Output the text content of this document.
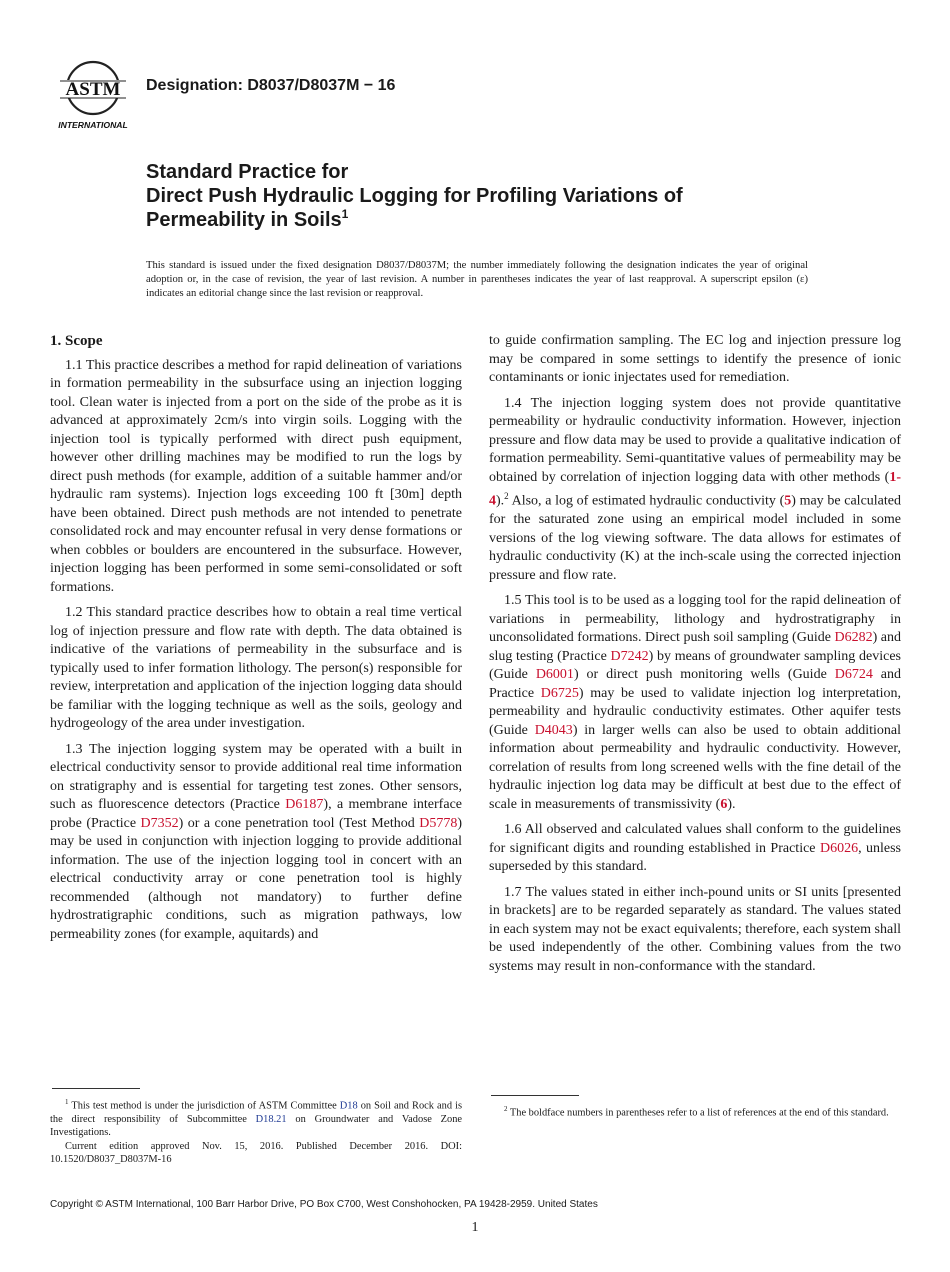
ASTM
INTERNATIONAL
Designation: D8037/D8037M − 16
Standard Practice for
Direct Push Hydraulic Logging for Profiling Variations of
Permeability in Soils$^1$

This standard is issued under the fixed designation D8037/D8037M; the number immediately following the designation indicates the year of original adoption or, in the case of revision, the year of last revision. A number in parentheses indicates the year of last reapproval. A superscript epsilon (ε) indicates an editorial change since the last revision or reapproval.

1. Scope

1.1 This practice describes a method for rapid delineation of variations in formation permeability in the subsurface using an injection logging tool. Clean water is injected from a port on the side of the probe as it is advanced at approximately 2cm/s into virgin soils. Logging with the injection tool is typically performed with direct push equipment, however other drilling machines may be modified to run the logs by direct push methods (for example, addition of a suitable hammer and/or hydraulic ram systems). Injection logs exceeding 100 ft [30m] depth have been obtained. Direct push methods are not intended to penetrate consolidated rock and may encounter refusal in very dense formations or when cobbles or boulders are encountered in the subsurface. However, injection logging has been performed in some semi-consolidated or soft formations.

1.2 This standard practice describes how to obtain a real time vertical log of injection pressure and flow rate with depth. The data obtained is indicative of the variations of permeability in the subsurface and is typically used to infer formation lithology. The person(s) responsible for review, interpretation and application of the injection logging data should be familiar with the logging technique as well as the soils, geology and hydrogeology of the area under investigation.

1.3 The injection logging system may be operated with a built in electrical conductivity sensor to provide additional real time information on stratigraphy and is essential for targeting test zones. Other sensors, such as fluorescence detectors (Practice D6187), a membrane interface probe (Practice D7352) or a cone penetration tool (Test Method D5778) may be used in conjunction with injection logging to provide additional information. The use of the injection logging tool in concert with an electrical conductivity array or cone penetration tool is highly recommended (although not mandatory) to further define hydrostratigraphic conditions, such as migration pathways, low permeability zones (for example, aquitards) and

to guide confirmation sampling. The EC log and injection pressure log may be compared in some settings to identify the presence of ionic contaminants or ionic injectates used for remediation.

1.4 The injection logging system does not provide quantitative permeability or hydraulic conductivity information. However, injection pressure and flow data may be used to provide a qualitative indication of formation permeability. Semi-quantitative values of permeability may be obtained by correlation of injection logging data with other methods (1-4).$^2$ Also, a log of estimated hydraulic conductivity (5) may be calculated for the saturated zone using an empirical model included in some versions of the log viewing software. The data allows for estimates of hydraulic conductivity (K) at the inch-scale using the corrected injection pressure and flow rate.

1.5 This tool is to be used as a logging tool for the rapid delineation of variations in permeability, lithology and hydrostratigraphy in unconsolidated formations. Direct push soil sampling (Guide D6282) and slug testing (Practice D7242) by means of groundwater sampling devices (Guide D6001) or direct push monitoring wells (Guide D6724 and Practice D6725) may be used to validate injection log interpretation, permeability and hydraulic conductivity estimates. Other aquifer tests (Guide D4043) in larger wells can also be used to obtain additional information about permeability and hydraulic conductivity. However, correlation of results from long screened wells with the fine detail of the hydraulic injection log data may be difficult at best due to the effect of scale in measurements of transmissivity (6).

1.6 All observed and calculated values shall conform to the guidelines for significant digits and rounding established in Practice D6026, unless superseded by this standard.

1.7 The values stated in either inch-pound units or SI units [presented in brackets] are to be regarded separately as standard. The values stated in each system may not be exact equivalents; therefore, each system shall be used independently of the other. Combining values from the two systems may result in non-conformance with the standard.

$^1$ This test method is under the jurisdiction of ASTM Committee D18 on Soil and Rock and is the direct responsibility of Subcommittee D18.21 on Groundwater and Vadose Zone Investigations.

Current edition approved Nov. 15, 2016. Published December 2016. DOI: 10.1520/D8037_D8037M-16

$^2$ The boldface numbers in parentheses refer to a list of references at the end of this standard.

Copyright © ASTM International, 100 Barr Harbor Drive, PO Box C700, West Conshohocken, PA 19428-2959. United States
1
